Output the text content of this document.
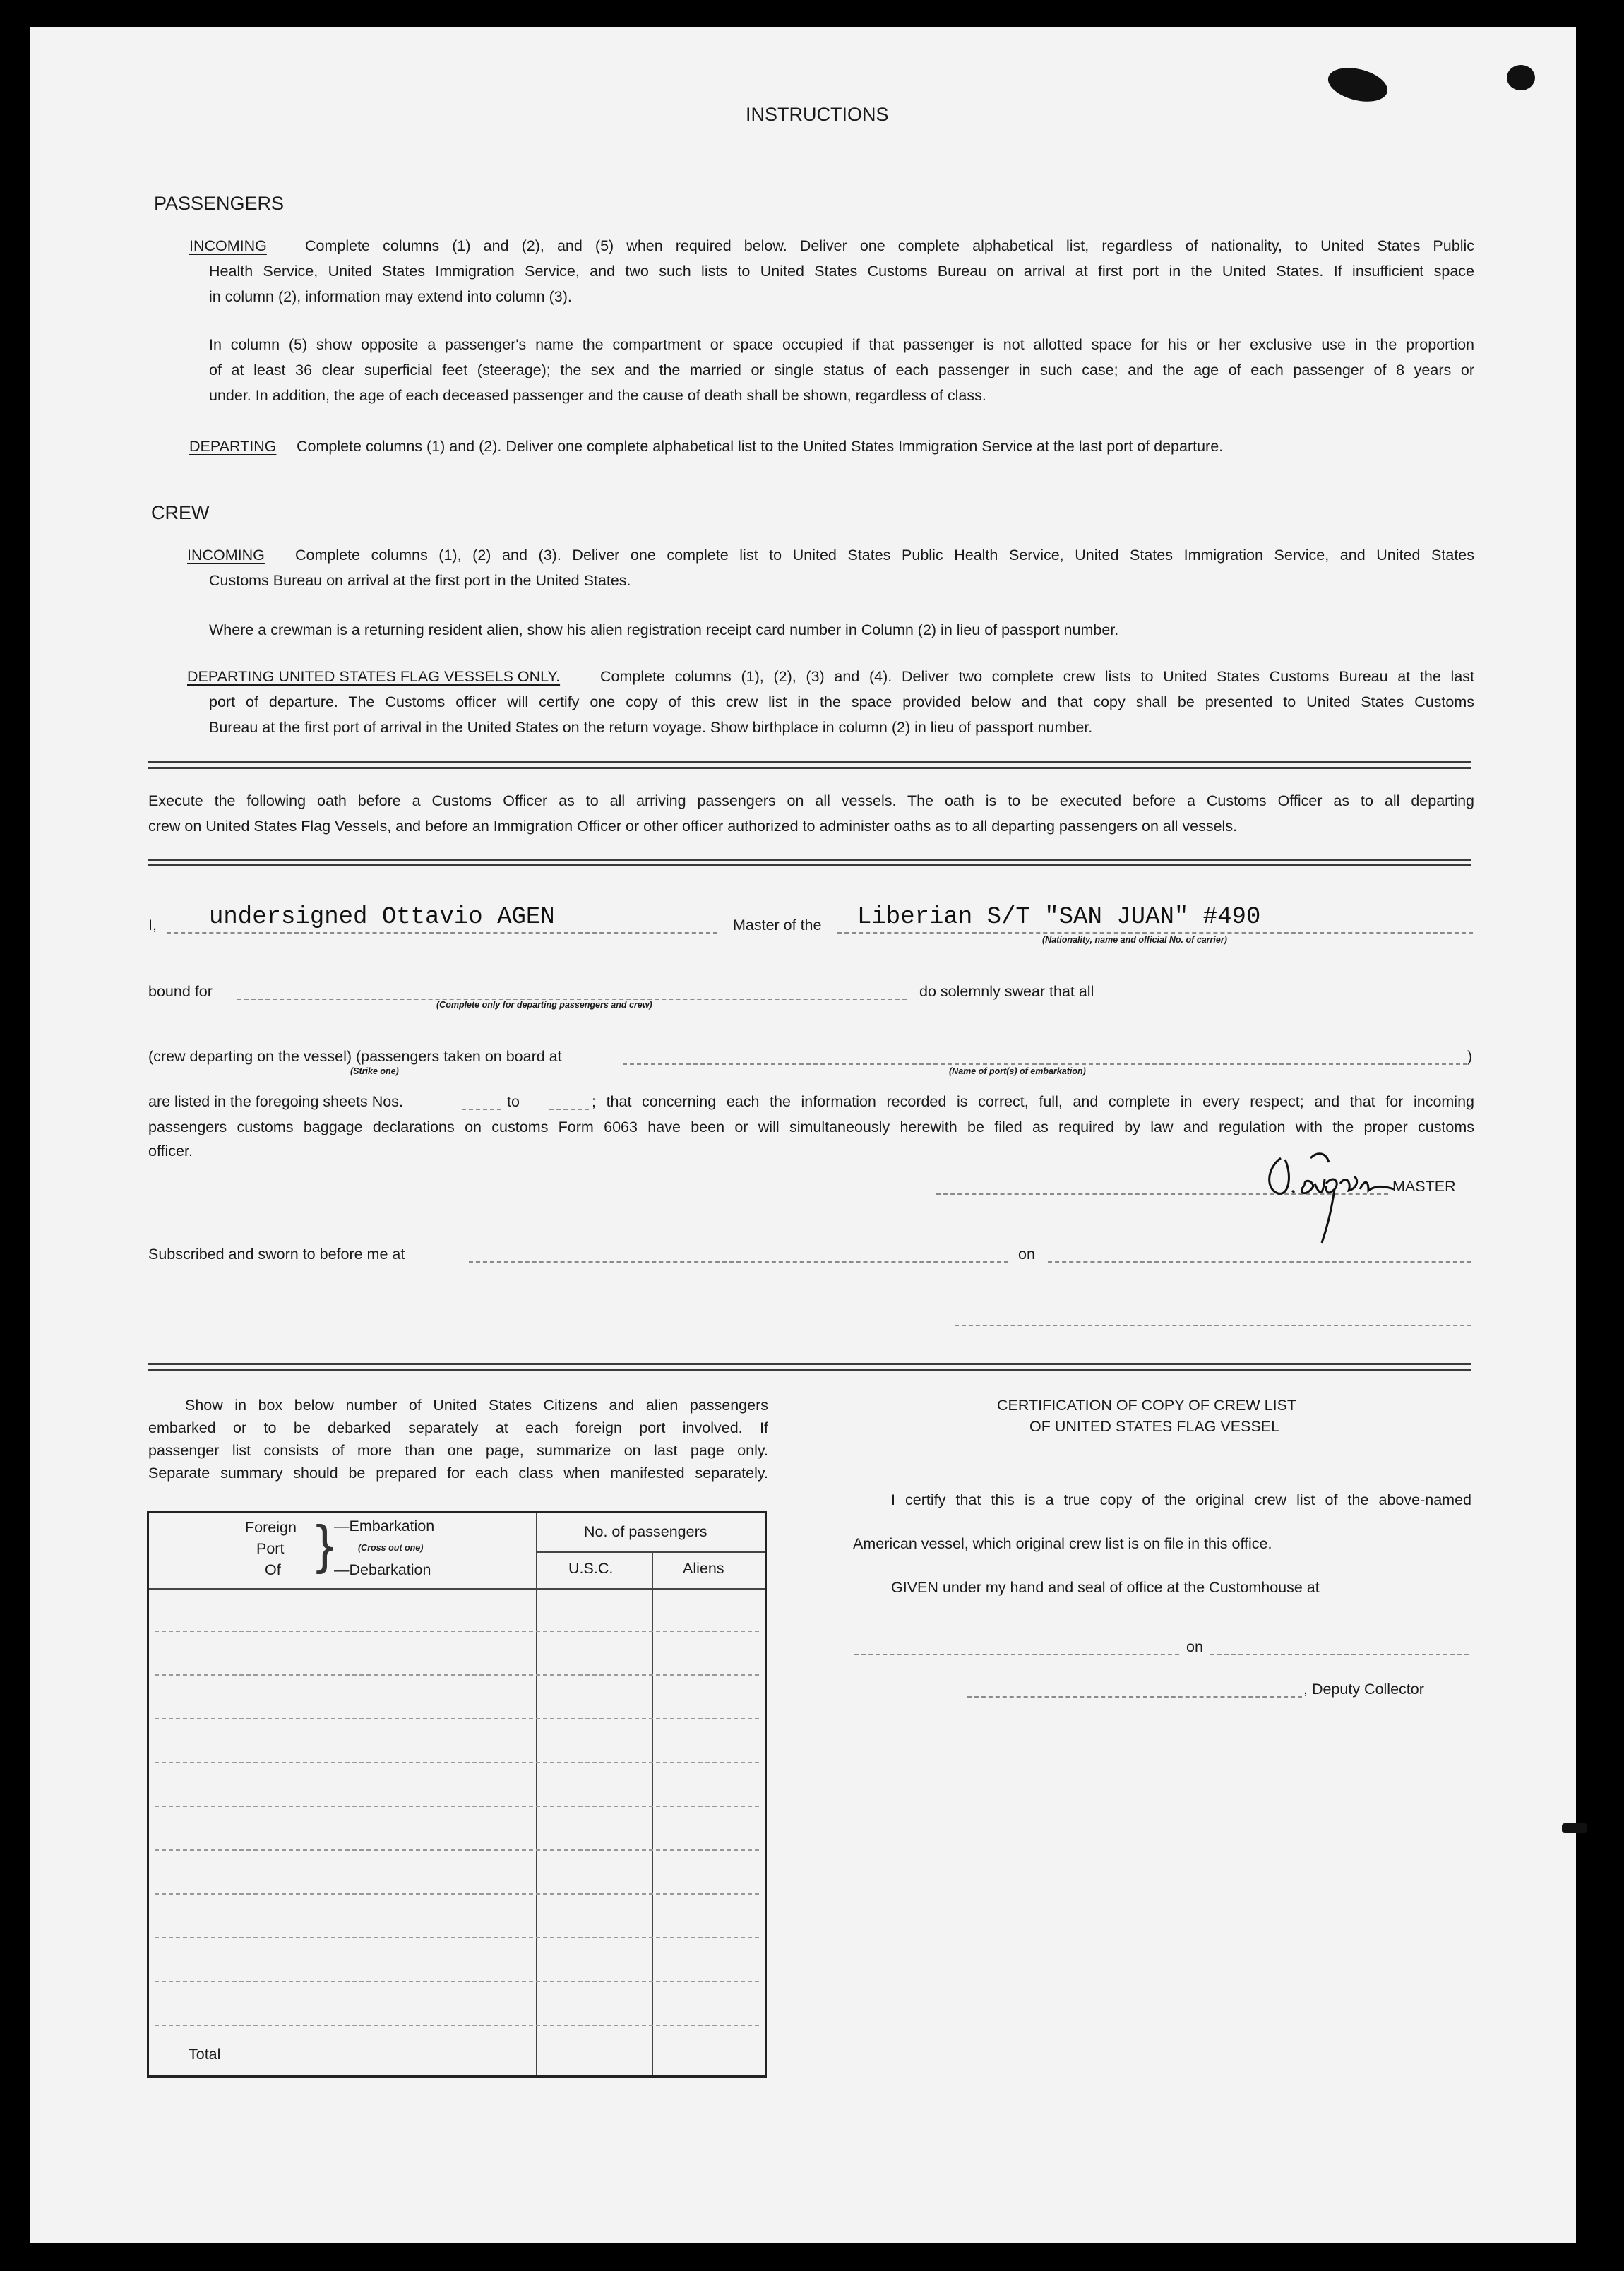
INSTRUCTIONS
PASSENGERS
INCOMING	Complete columns (1) and (2), and (5) when required below. Deliver one complete alphabetical list, regardless of nationality, to United States Public
Health Service, United States Immigration Service, and two such lists to United States Customs Bureau on arrival at first port in the United States. If insufficient space
in column (2), information may extend into column (3).
In column (5) show opposite a passenger's name the compartment or space occupied if that passenger is not allotted space for his or her exclusive use in the proportion
of at least 36 clear superficial feet (steerage); the sex and the married or single status of each passenger in such case; and the age of each passenger of 8 years or
under. In addition, the age of each deceased passenger and the cause of death shall be shown, regardless of class.
DEPARTING Complete columns (1) and (2). Deliver one complete alphabetical list to the United States Immigration Service at the last port of departure.
CREW
INCOMING Complete columns (1), (2) and (3). Deliver one complete list to United States Public Health Service, United States Immigration Service, and United States
Customs Bureau on arrival at the first port in the United States.
Where a crewman is a returning resident alien, show his alien registration receipt card number in Column (2) in lieu of passport number.
DEPARTING UNITED STATES FLAG VESSELS ONLY.	Complete columns (1), (2), (3) and (4). Deliver two complete crew lists to United States Customs Bureau at the last
port of departure. The Customs officer will certify one copy of this crew list in the space provided below and that copy shall be presented to United States Customs
Bureau at the first port of arrival in the United States on the return voyage. Show birthplace in column (2) in lieu of passport number.
Execute the following oath before a Customs Officer as to all arriving passengers on all vessels. The oath is to be executed before a Customs Officer as to all departing
crew on United States Flag Vessels, and before an Immigration Officer or other officer authorized to administer oaths as to all departing passengers on all vessels.
I, undersigned Ottavio AGEN	Master of the Liberian S/T "SAN JUAN" #490
(Nationality, name and official No. of carrier)
bound for
(Complete only for departing passengers and crew)
do solemnly swear that all
(crew departing on the vessel) (passengers taken on board at	)
(Strike one)	(Name of port(s) of embarkation)
are listed in the foregoing sheets Nos.	to	; that concerning each the information recorded is correct, full, and complete in every respect; and that for incoming
passengers customs baggage declarations on customs Form 6063 have been or will simultaneously herewith be filed as required by law and regulation with the proper customs
officer.
MASTER
Subscribed and sworn to before me at	on
Show in box below number of United States Citizens and alien passengers
embarked or to be debarked separately at each foreign port involved. If
passenger list consists of more than one page, summarize on last page only.
Separate summary should be prepared for each class when manifested separately.
Foreign
Port
Of } —Embarkation
(Cross out one)
—Debarkation
No. of passengers
U.S.C.	Aliens
Total
CERTIFICATION OF COPY OF CREW LIST
OF UNITED STATES FLAG VESSEL
I certify that this is a true copy of the original crew list of the above-named
American vessel, which original crew list is on file in this office.
GIVEN under my hand and seal of office at the Customhouse at
on
, Deputy Collector
